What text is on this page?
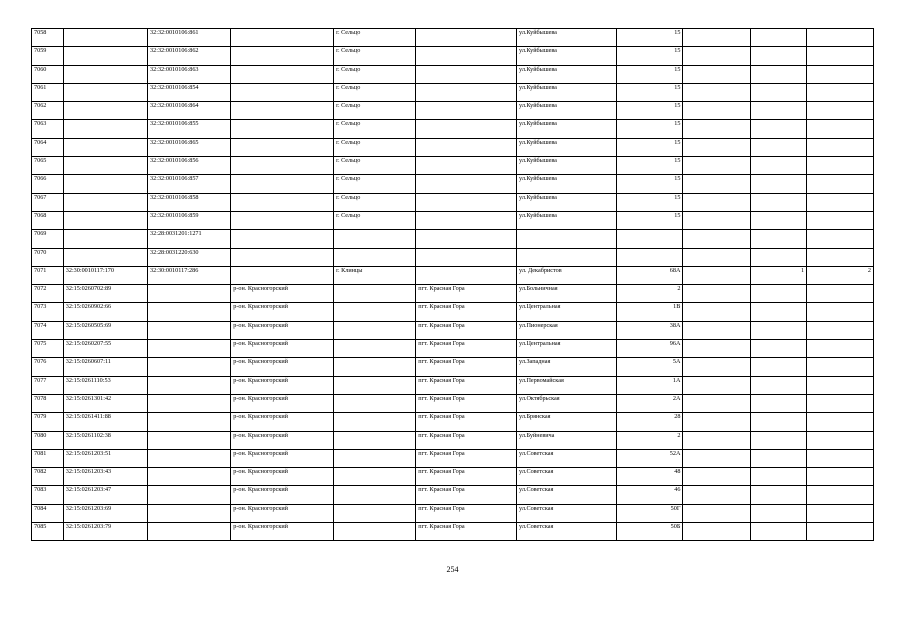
7058		32:32:0010106:861		г. Сельцо		ул.Куйбышева	15			
7059		32:32:0010106:862		г. Сельцо		ул.Куйбышева	15			
7060		32:32:0010106:863		г. Сельцо		ул.Куйбышева	15			
7061		32:32:0010106:854		г. Сельцо		ул.Куйбышева	15			
7062		32:32:0010106:864		г. Сельцо		ул.Куйбышева	15			
7063		32:32:0010106:855		г. Сельцо		ул.Куйбышева	15			
7064		32:32:0010106:865		г. Сельцо		ул.Куйбышева	15			
7065		32:32:0010106:856		г. Сельцо		ул.Куйбышева	15			
7066		32:32:0010106:857		г. Сельцо		ул.Куйбышева	15			
7067		32:32:0010106:858		г. Сельцо		ул.Куйбышева	15			
7068		32:32:0010106:859		г. Сельцо		ул.Куйбышева	15			
7069		32:28:0031201:1271								
7070		32:28:0031220:630								
7071	32:30:0010117:170	32:30:0010117:286		г. Клинцы		ул. Декабристов	68А		1	2
7072	32:15:0260702:89		р-он. Красногорский		пгт. Красная Гора	ул.Больничная	2			
7073	32:15:0260902:66		р-он. Красногорский		пгт. Красная Гора	ул.Центральная	1В			
7074	32:15:0260505:69		р-он. Красногорский		пгт. Красная Гора	ул.Пионерская	38А			
7075	32:15:0260207:55		р-он. Красногорский		пгт. Красная Гора	ул.Центральная	96А			
7076	32:15:0260607:11		р-он. Красногорский		пгт. Красная Гора	ул.Западная	5А			
7077	32:15:0261110:53		р-он. Красногорский		пгт. Красная Гора	ул.Первомайская	1А			
7078	32:15:0261301:42		р-он. Красногорский		пгт. Красная Гора	ул.Октябрьская	2А			
7079	32:15:0261411:88		р-он. Красногорский		пгт. Красная Гора	ул.Брянская	28			
7080	32:15:0261102:38		р-он. Красногорский		пгт. Красная Гора	ул.Буйневича	2			
7081	32:15:0261203:51		р-он. Красногорский		пгт. Красная Гора	ул.Советская	52А			
7082	32:15:0261203:43		р-он. Красногорский		пгт. Красная Гора	ул.Советская	48			
7083	32:15:0261203:47		р-он. Красногорский		пгт. Красная Гора	ул.Советская	46			
7084	32:15:0261203:69		р-он. Красногорский		пгт. Красная Гора	ул.Советская	50Г			
7085	32:15:0261203:79		р-он. Красногорский		пгт. Красная Гора	ул.Советская	50Б			
254
